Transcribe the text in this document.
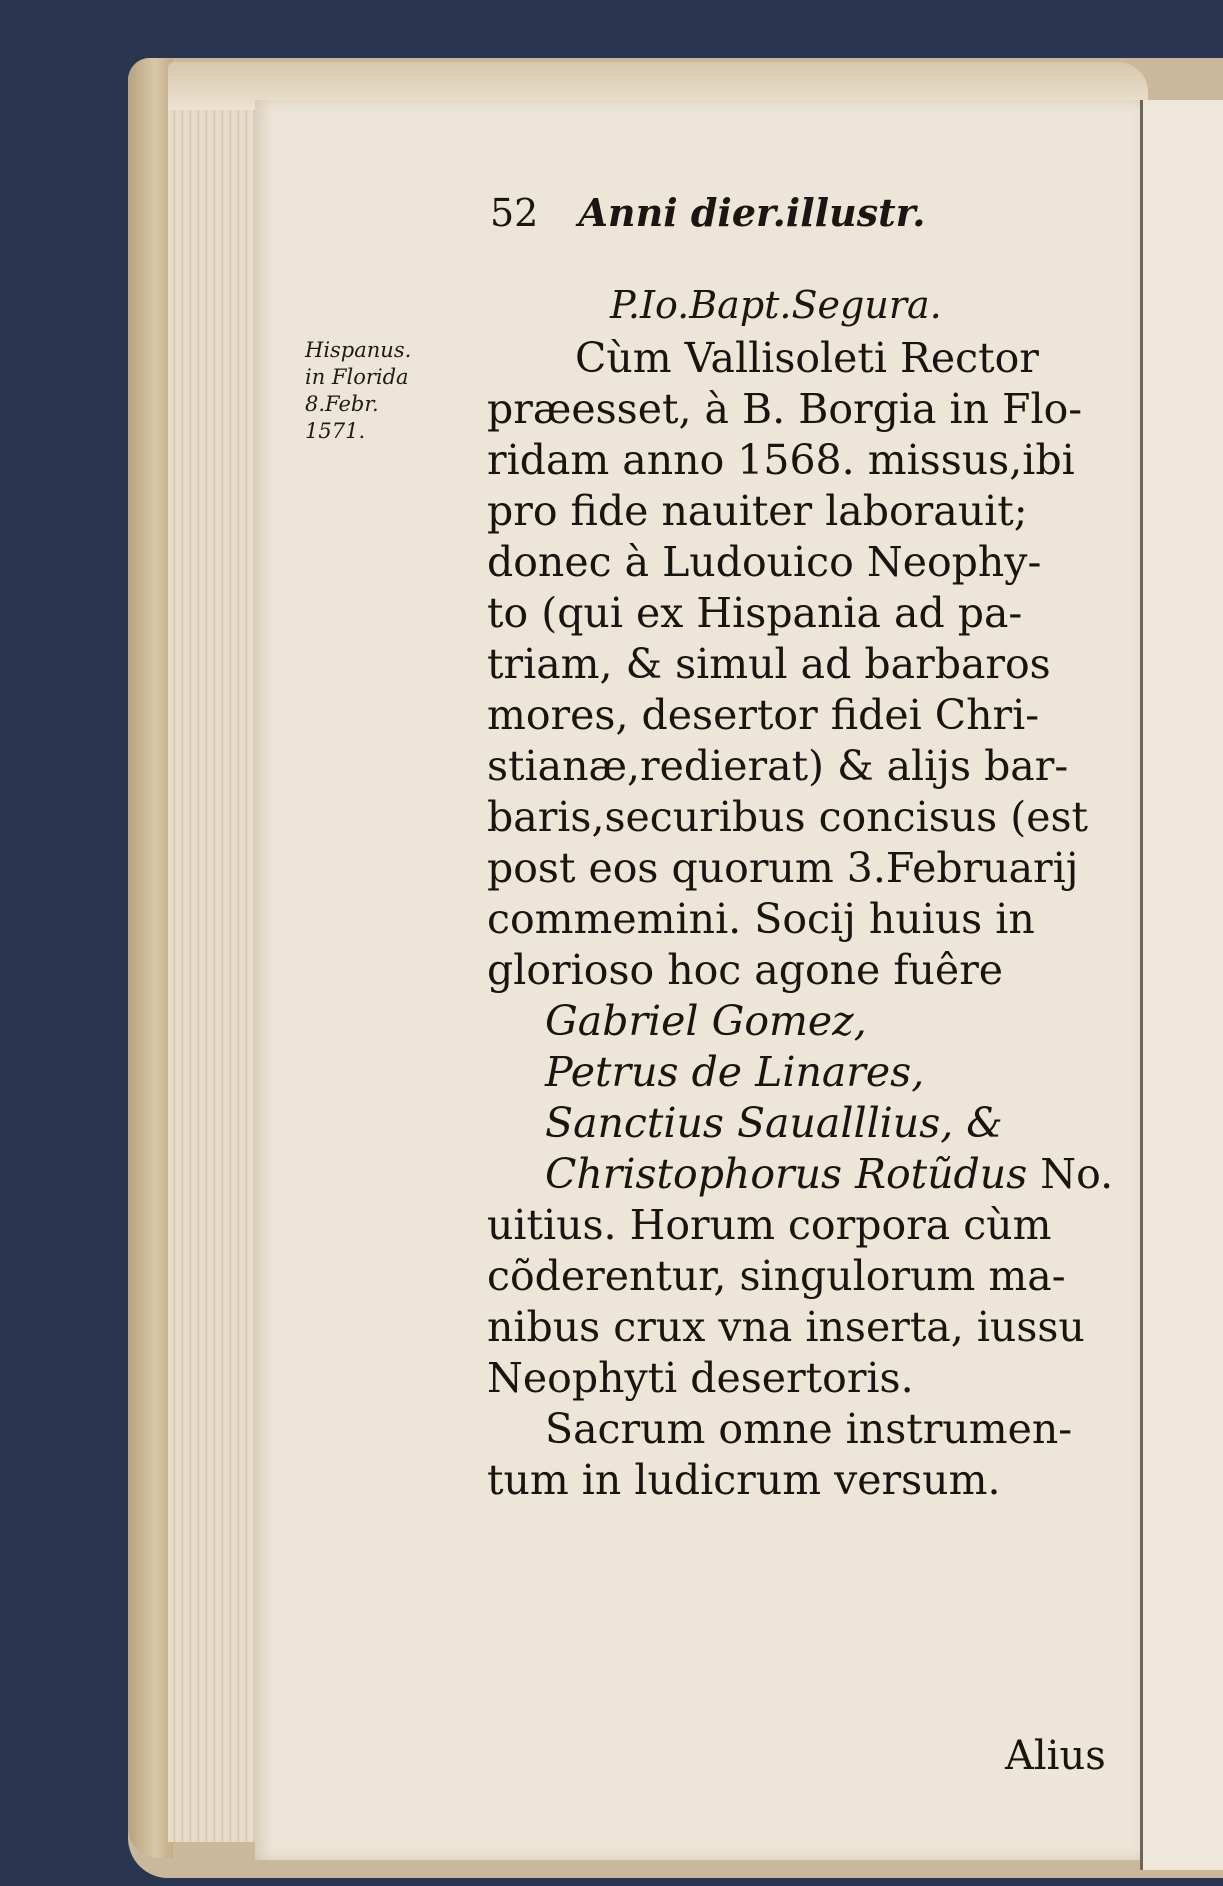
52 Anni dier.illustr.
P.Io.Bapt.Segura.
Hispanus.
in Florida
8.Febr.
1571.
Cùm Vallisoleti Rector
præesset, à B. Borgia in Flo-
ridam anno 1568. missus,ibi
pro fide nauiter laborauit;
donec à Ludouico Neophy-
to (qui ex Hispania ad pa-
triam, & simul ad barbaros
mores, desertor fidei Chri-
stianæ,redierat) & alijs bar-
baris,securibus concisus (est
post eos quorum 3.Februarij
commemini. Socij huius in
glorioso hoc agone fuêre
Gabriel Gomez,
Petrus de Linares,
Sanctius Saualllius, &
Christophorus Rotũdus No.
uitius. Horum corpora cùm
cõderentur, singulorum ma-
nibus crux vna inserta, iussu
Neophyti desertoris.
Sacrum omne instrumen-
tum in ludicrum versum.
Alius
